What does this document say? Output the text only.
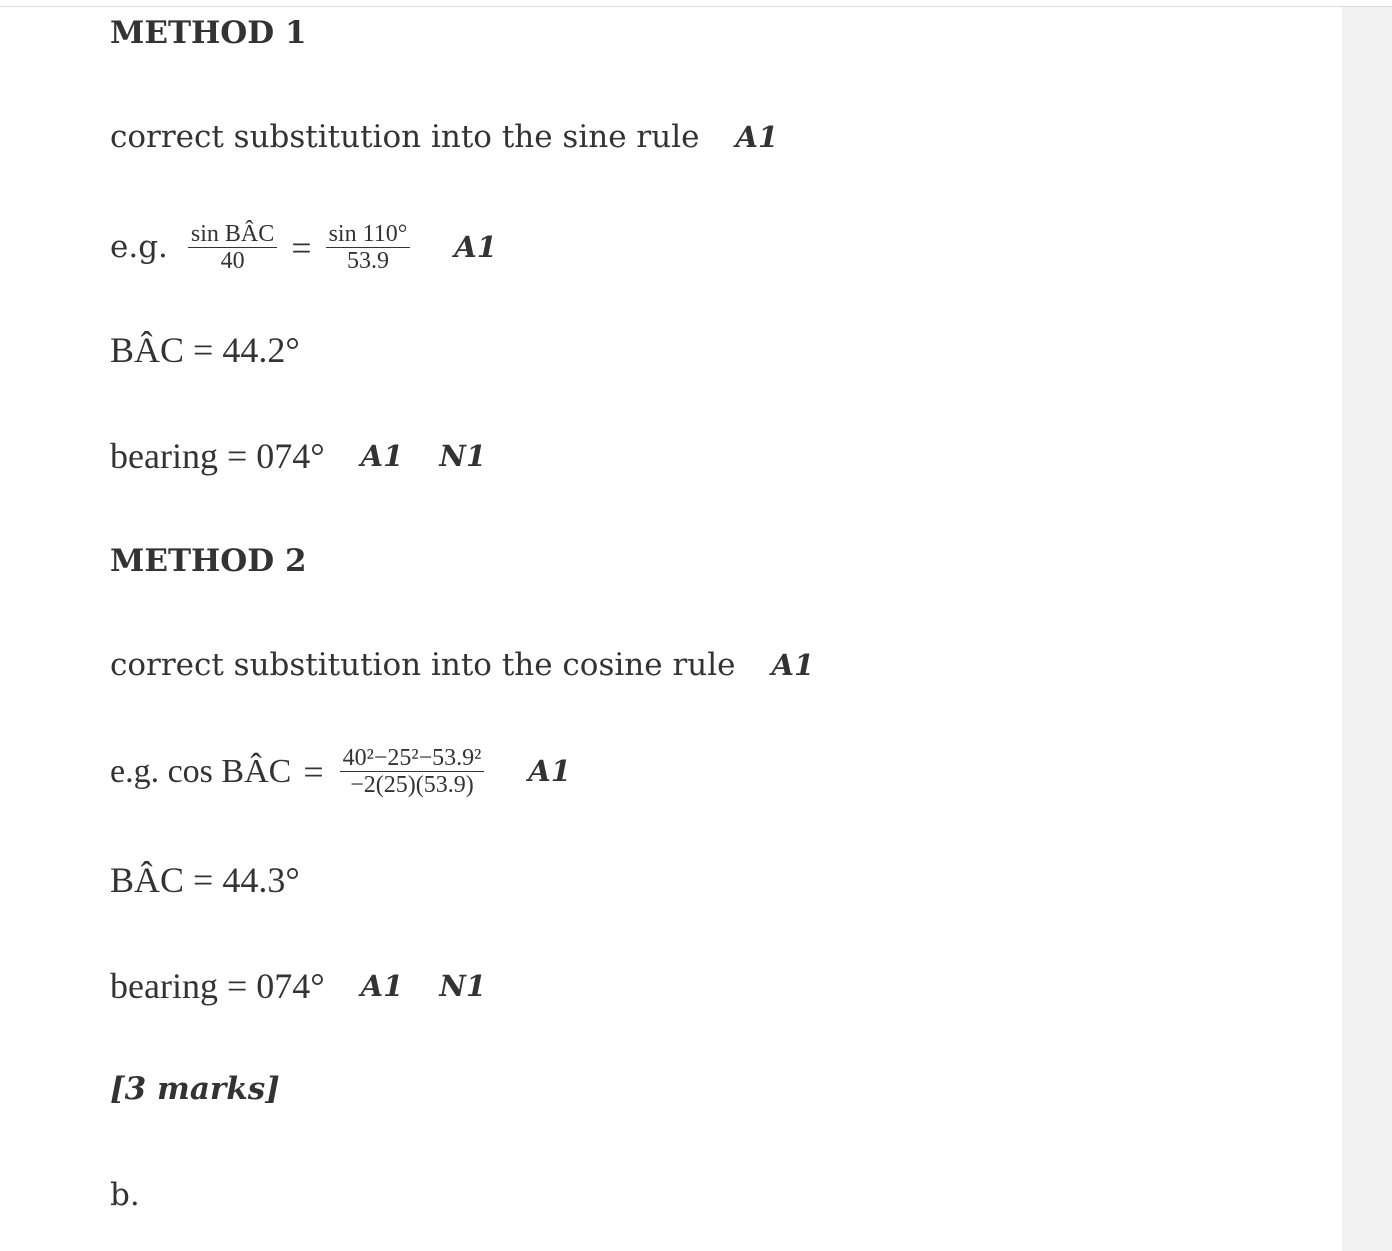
METHOD 1
correct substitution into the sine rule A1
e.g. $\frac{\text{sin BÂC}}{40} = \frac{\sin 110^\circ}{53.9} A1$
BÂC = 44.2°
bearing = 074° A1 N1
METHOD 2
correct substitution into the cosine rule A1
e.g. cos BÂC = $\frac{\text{40²−25²−53.9²}}{-2(25)(53.9)} A1$
BÂC = 44.3°
bearing = 074° A1 N1
[3 marks]
b.
